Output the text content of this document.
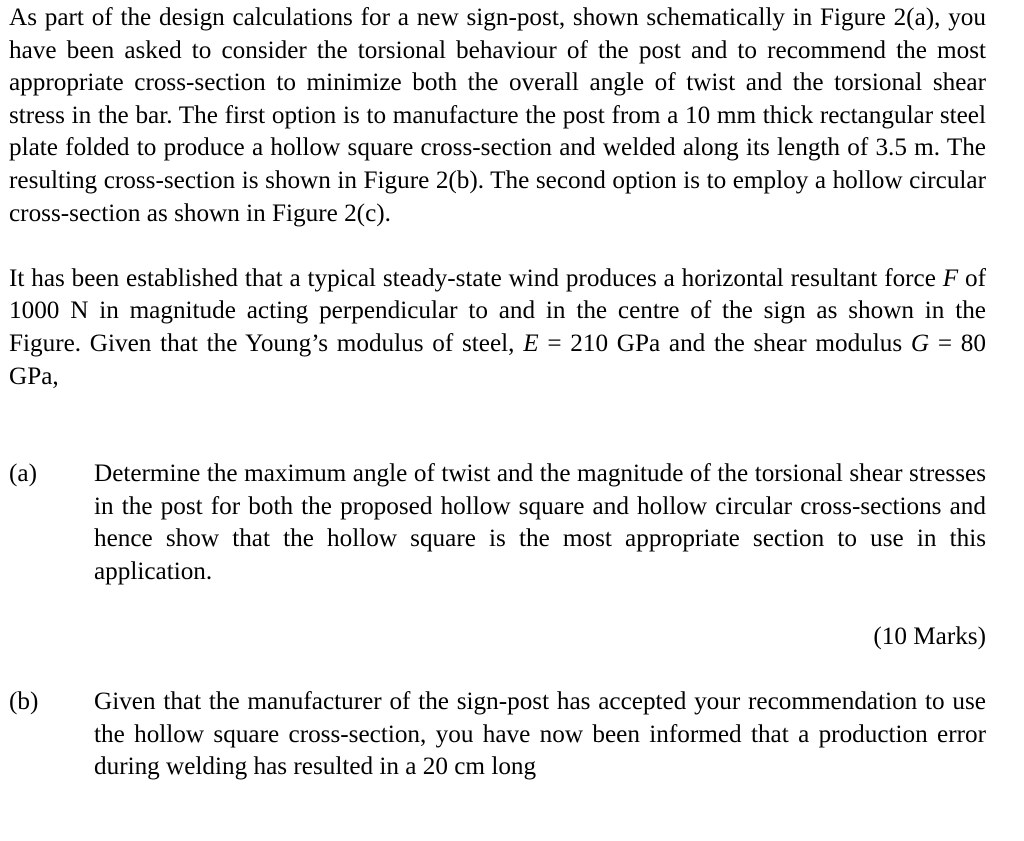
As part of the design calculations for a new sign-post, shown schematically in Figure 2(a), you have been asked to consider the torsional behaviour of the post and to recommend the most appropriate cross-section to minimize both the overall angle of twist and the torsional shear stress in the bar. The first option is to manufacture the post from a 10 mm thick rectangular steel plate folded to produce a hollow square cross-section and welded along its length of 3.5 m. The resulting cross-section is shown in Figure 2(b). The second option is to employ a hollow circular cross-section as shown in Figure 2(c).

It has been established that a typical steady-state wind produces a horizontal resultant force F of 1000 N in magnitude acting perpendicular to and in the centre of the sign as shown in the Figure. Given that the Young’s modulus of steel, E = 210 GPa and the shear modulus G = 80 GPa,

(a) Determine the maximum angle of twist and the magnitude of the torsional shear stresses in the post for both the proposed hollow square and hollow circular cross-sections and hence show that the hollow square is the most appropriate section to use in this application.

(10 Marks)
(b) Given that the manufacturer of the sign-post has accepted your recommendation to use the hollow square cross-section, you have now been informed that a production error during welding has resulted in a 20 cm long
